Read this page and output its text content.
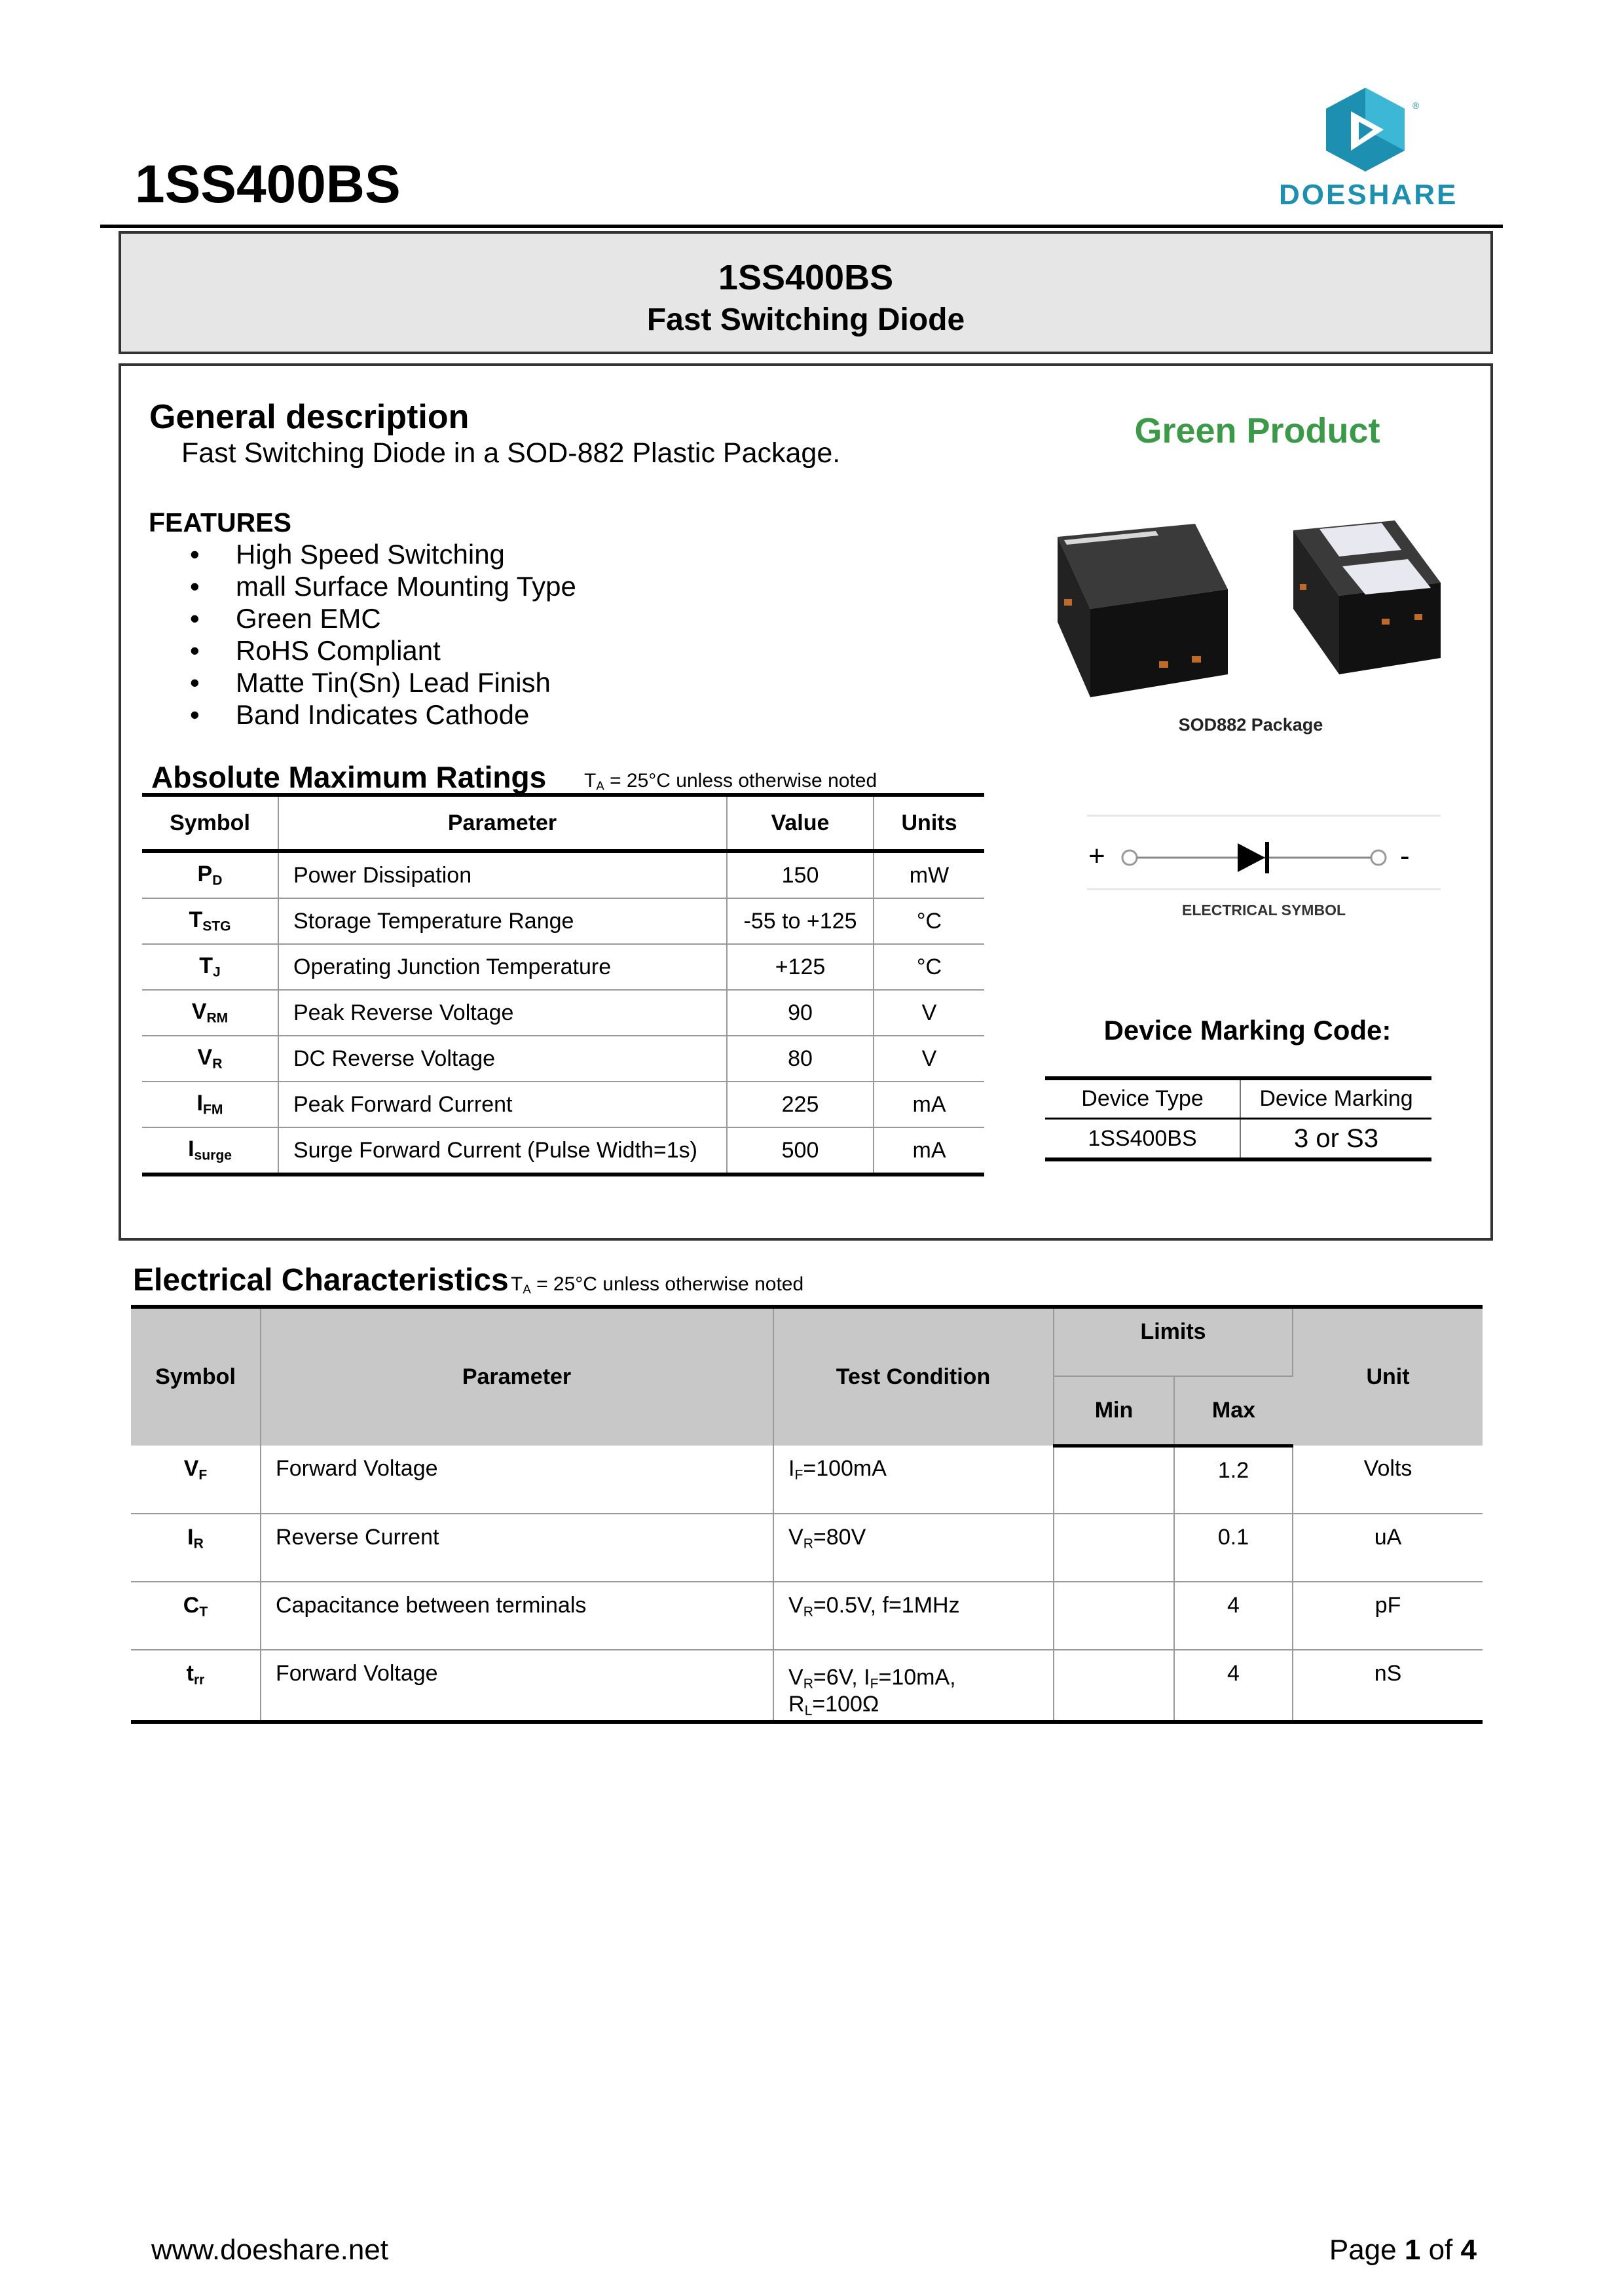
1SS400BS
®
DOESHARE
1SS400BS
Fast Switching Diode
General description
Fast Switching Diode in a SOD-882 Plastic Package.
FEATURES
• High Speed Switching
• mall Surface Mounting Type
• Green EMC
• RoHS Compliant
• Matte Tin(Sn) Lead Finish
• Band Indicates Cathode
Green Product
SOD882 Package
+	-
ELECTRICAL SYMBOL
Absolute Maximum Ratings $T_A = 25^\circ C$ unless otherwise noted
Symbol	Parameter	Value	Units
$P_D$	Power Dissipation	150	mW
$T_{STG}$	Storage Temperature Range	-55 to +125	°C
$T_J$	Operating Junction Temperature	+125	°C
$V_{RM}$	Peak Reverse Voltage	90	V
$V_R$	DC Reverse Voltage	80	V
$I_{FM}$	Peak Forward Current	225	mA
$I_{surge}$	Surge Forward Current (Pulse Width=1s)	500	mA
Device Marking Code:
Device Type	Device Marking
1SS400BS	3 or S3
Electrical Characteristics $T_A = 25^\circ C$ unless otherwise noted
Symbol	Parameter	Test Condition	Limits		Unit
			Min	Max	
$V_F$	Forward Voltage	$I_F=100mA$		1.2	Volts
$I_R$	Reverse Current	$V_R=80V$		0.1	uA
$C_T$	Capacitance between terminals	$V_R=0.5V$, f=1MHz		4	pF
$t_{rr}$	Forward Voltage	$V_R=6V$, $I_F=10mA$, $R_L=100\Omega$		4	nS
www.doeshare.net	Page 1 of 4
